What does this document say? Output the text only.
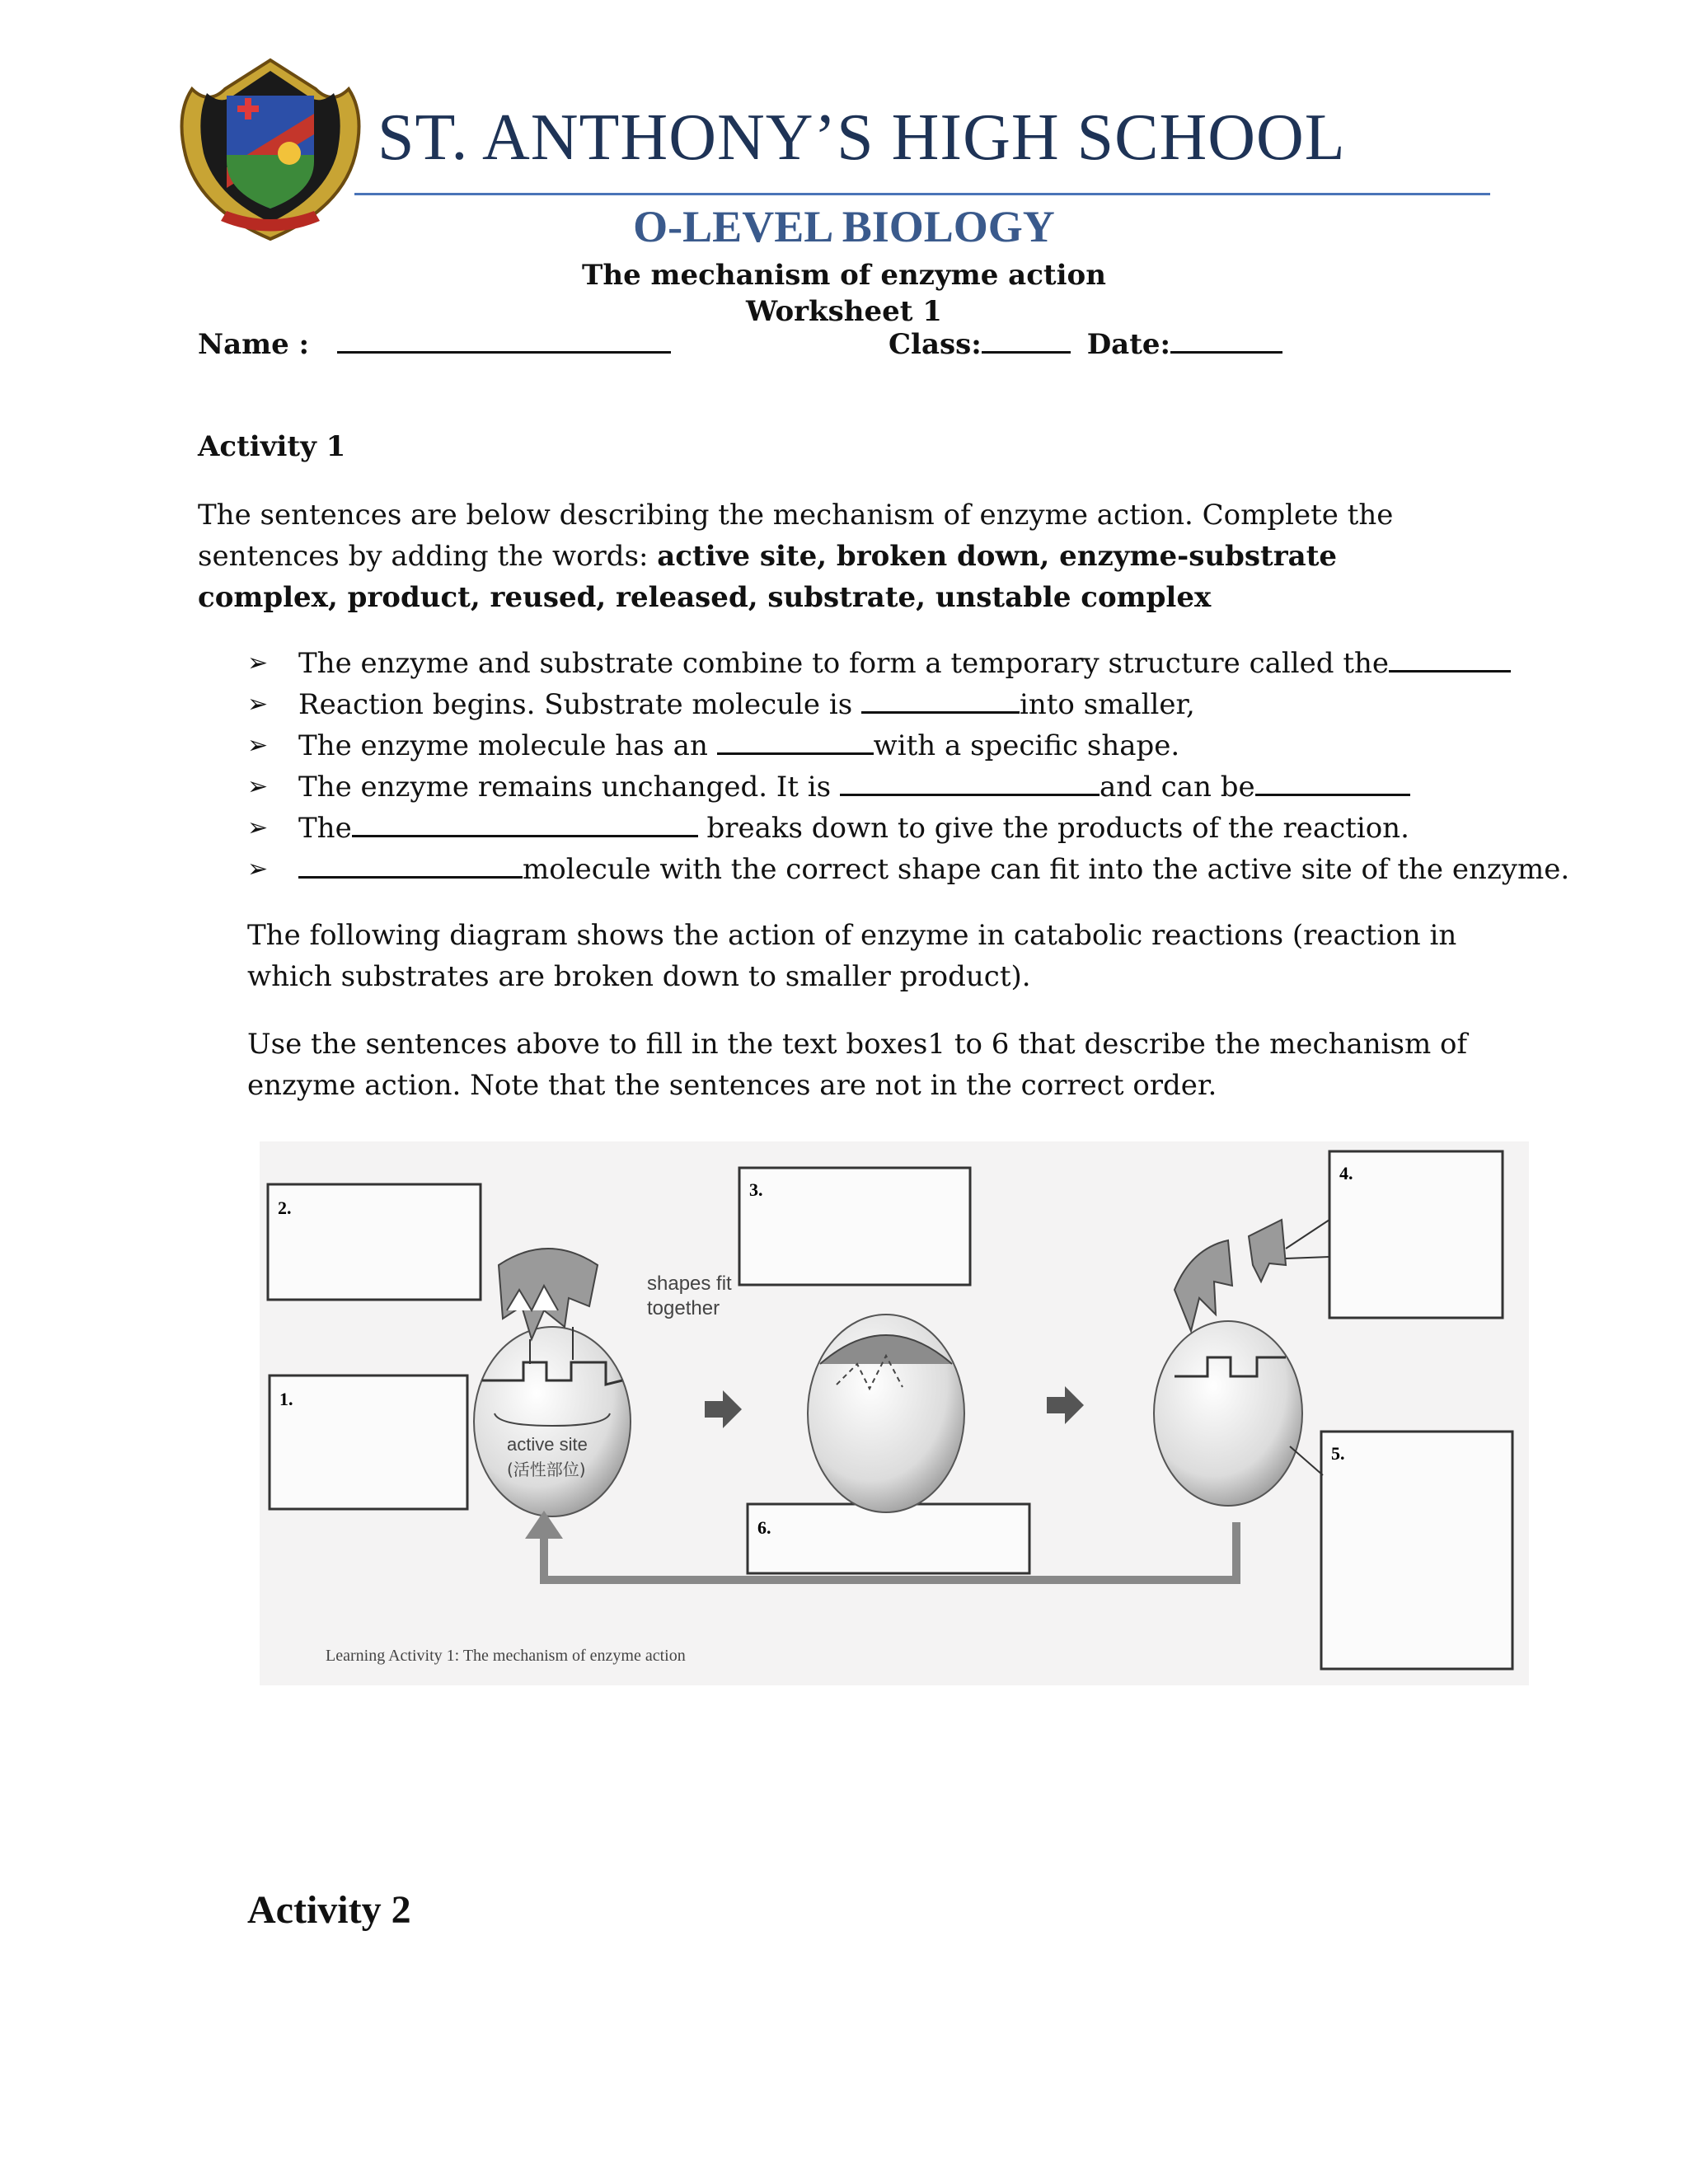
ST. ANTHONY’S HIGH SCHOOL
O-LEVEL BIOLOGY
The mechanism of enzyme action
Worksheet 1
Name :	Class:	Date:
Activity 1
The sentences are below describing the mechanism of enzyme action. Complete the sentences by adding the words: active site, broken down, enzyme-substrate complex, product, reused, released, substrate, unstable complex
➢ The enzyme and substrate combine to form a temporary structure called the
➢ Reaction begins. Substrate molecule is	into smaller,
➢ The enzyme molecule has an	with a specific shape.
➢ The enzyme remains unchanged. It is	and can be
➢ The	breaks down to give the products of the reaction.
➢ molecule with the correct shape can fit into the active site of the enzyme.
The following diagram shows the action of enzyme in catabolic reactions (reaction in which substrates are broken down to smaller product).
Use the sentences above to fill in the text boxes1 to 6 that describe the mechanism of enzyme action. Note that the sentences are not in the correct order.
2.
1.
3.
4.
5.
6.
shapes fit
together
active site
(活性部位)
Learning Activity 1: The mechanism of enzyme action
Activity 2
